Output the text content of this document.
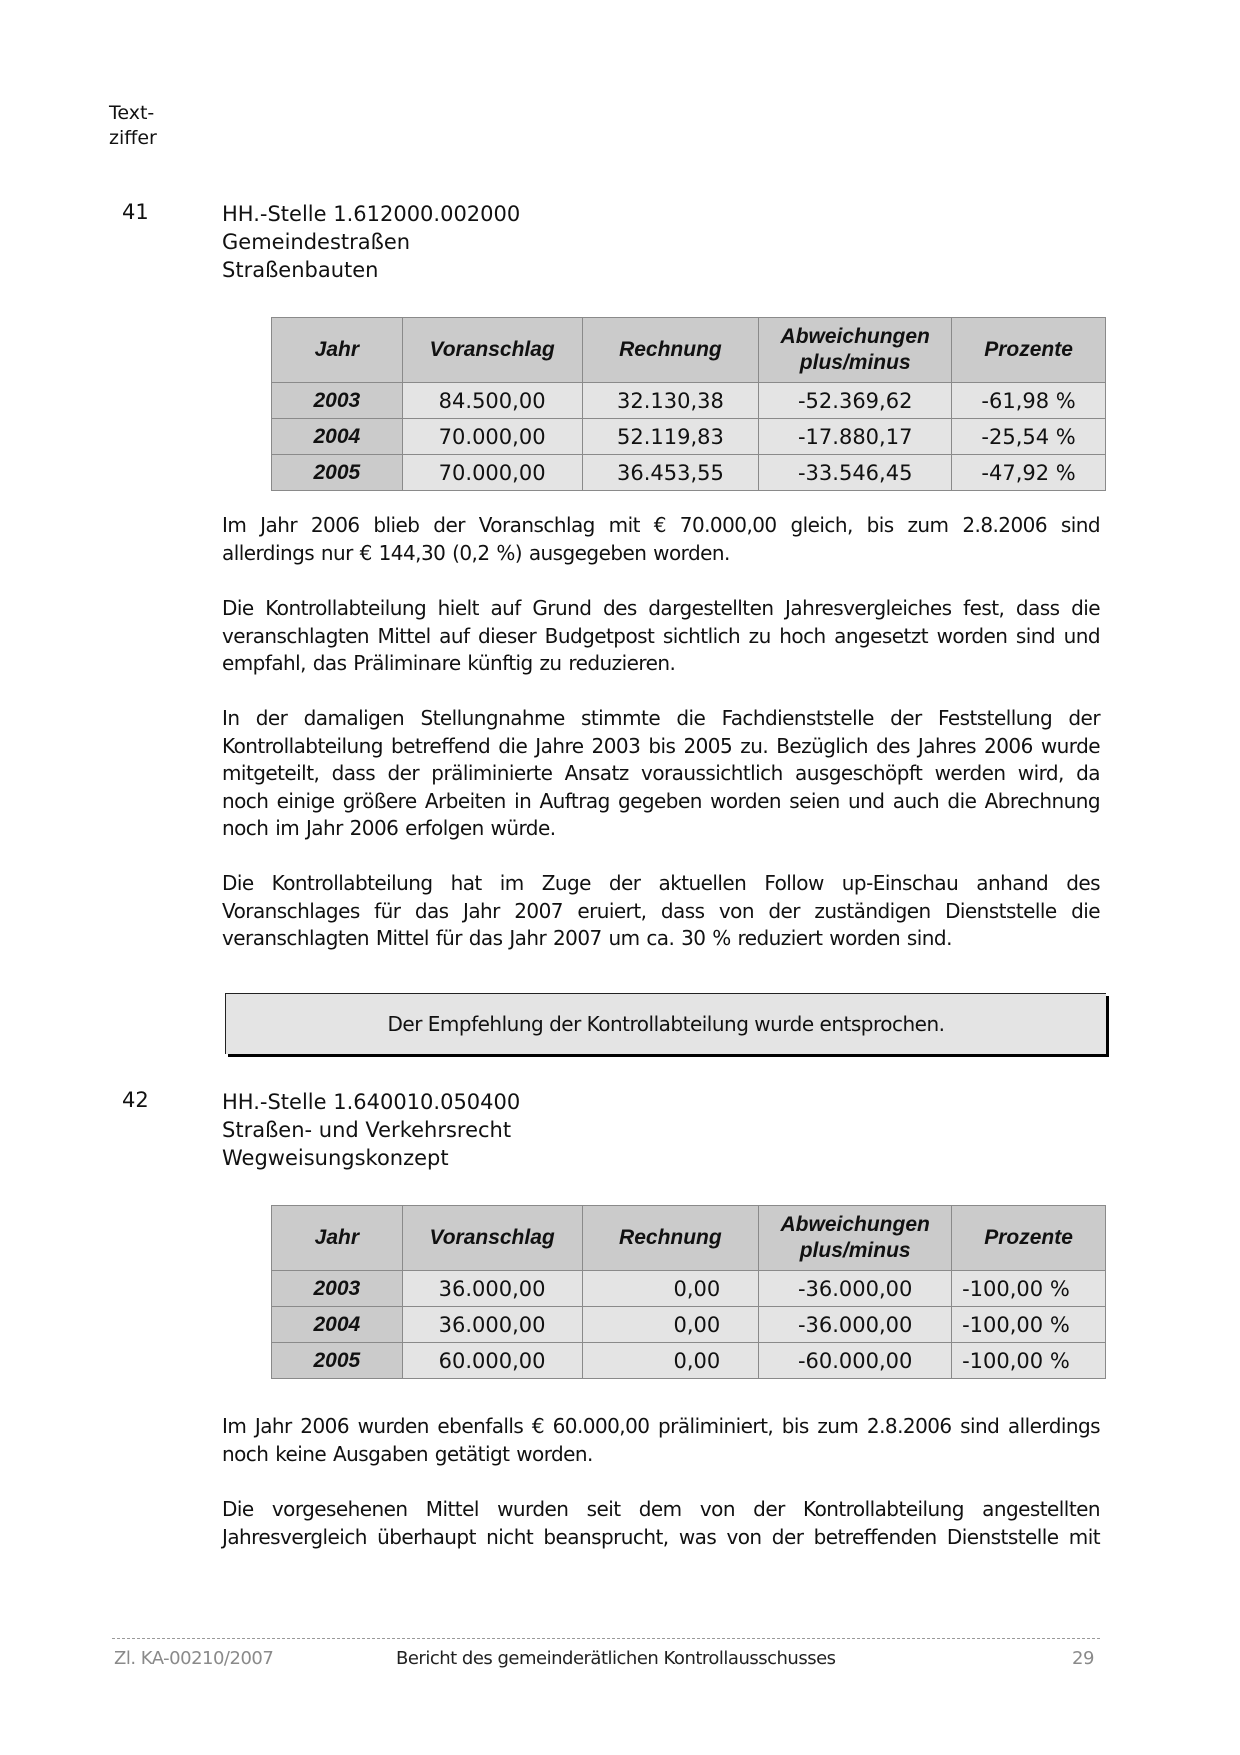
Text-
ziffer
41	HH.-Stelle 1.612000.002000
Gemeindestraßen
Straßenbauten
Jahr	Voranschlag	Rechnung	Abweichungen plus/minus	Prozente
2003	84.500,00	32.130,38	-52.369,62	-61,98 %
2004	70.000,00	52.119,83	-17.880,17	-25,54 %
2005	70.000,00	36.453,55	-33.546,45	-47,92 %

Im Jahr 2006 blieb der Voranschlag mit € 70.000,00 gleich, bis zum 2.8.2006 sind allerdings nur € 144,30 (0,2 %) ausgegeben worden.

Die Kontrollabteilung hielt auf Grund des dargestellten Jahresvergleiches fest, dass die veranschlagten Mittel auf dieser Budgetpost sichtlich zu hoch angesetzt worden sind und empfahl, das Präliminare künftig zu reduzieren.

In der damaligen Stellungnahme stimmte die Fachdienststelle der Feststellung der Kontrollabteilung betreffend die Jahre 2003 bis 2005 zu. Bezüglich des Jahres 2006 wurde mitgeteilt, dass der präliminierte Ansatz voraussichtlich ausgeschöpft werden wird, da noch einige größere Arbeiten in Auftrag gegeben worden seien und auch die Abrechnung noch im Jahr 2006 erfolgen würde.

Die Kontrollabteilung hat im Zuge der aktuellen Follow up-Einschau anhand des Voranschlages für das Jahr 2007 eruiert, dass von der zuständigen Dienststelle die veranschlagten Mittel für das Jahr 2007 um ca. 30 % reduziert worden sind.

Der Empfehlung der Kontrollabteilung wurde entsprochen.
42	HH.-Stelle 1.640010.050400
Straßen- und Verkehrsrecht
Wegweisungskonzept
Jahr	Voranschlag	Rechnung	Abweichungen plus/minus	Prozente
2003	36.000,00	0,00	-36.000,00	-100,00 %
2004	36.000,00	0,00	-36.000,00	-100,00 %
2005	60.000,00	0,00	-60.000,00	-100,00 %

Im Jahr 2006 wurden ebenfalls € 60.000,00 präliminiert, bis zum 2.8.2006 sind allerdings noch keine Ausgaben getätigt worden.

Die vorgesehenen Mittel wurden seit dem von der Kontrollabteilung angestellten Jahresvergleich überhaupt nicht beansprucht, was von der betreffenden Dienststelle mit

Zl. KA-00210/2007	Bericht des gemeinderätlichen Kontrollausschusses	29
